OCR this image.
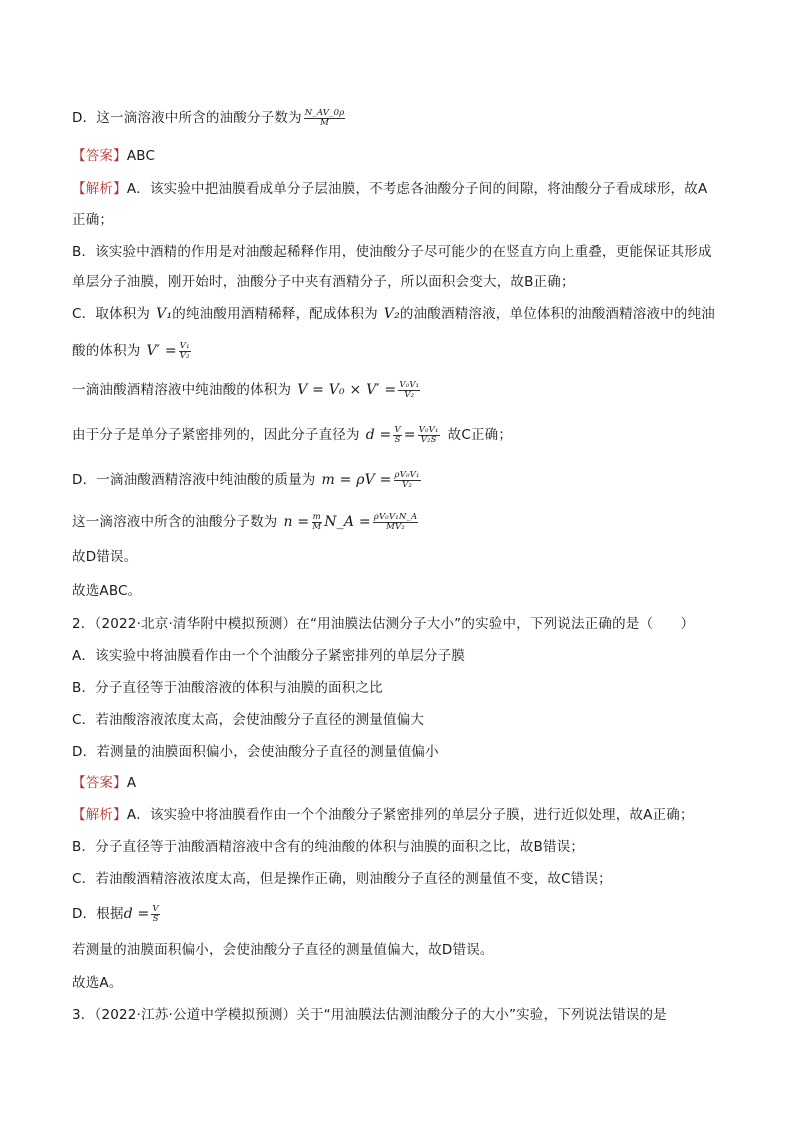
D．这一滴溶液中所含的油酸分子数为 $\frac{N\_AV\_0\rho}{M}$
【答案】ABC
【解析】A．该实验中把油膜看成单分子层油膜，不考虑各油酸分子间的间隙，将油酸分子看成球形，故A
正确；
B．该实验中酒精的作用是对油酸起稀释作用，使油酸分子尽可能少的在竖直方向上重叠，更能保证其形成
单层分子油膜，刚开始时，油酸分子中夹有酒精分子，所以面积会变大，故B正确；
C．取体积为 V₁的纯油酸用酒精稀释，配成体积为 V₂的油酸酒精溶液，单位体积的油酸酒精溶液中的纯油
酸的体积为 $V' = \frac{\text{V₁}}{\text{V₂}}$
一滴油酸酒精溶液中纯油酸的体积为 $V = V_0 \times V' = \frac{\text{V₀V₁}}{\text{V₂}}$
由于分子是单分子紧密排列的，因此分子直径为 $d = \frac{V}{S} = \frac{\text{V₀V₁}}{\text{V₂S}}$ 故C正确；
D．一滴油酸酒精溶液中纯油酸的质量为 $m = \rho V = \frac{\text{ρV₀V₁}}{\text{V₂}}$
这一滴溶液中所含的油酸分子数为 $n = \frac{m}{M}$ N_A = $\frac{\text{ρV₀V₁N\_A}}{\text{MV₂}}$
故D错误。
故选ABC。
2．（2022·北京·清华附中模拟预测）在“用油膜法估测分子大小”的实验中，下列说法正确的是（　　）
A．该实验中将油膜看作由一个个油酸分子紧密排列的单层分子膜
B．分子直径等于油酸溶液的体积与油膜的面积之比
C．若油酸溶液浓度太高，会使油酸分子直径的测量值偏大
D．若测量的油膜面积偏小，会使油酸分子直径的测量值偏小
【答案】A
【解析】A．该实验中将油膜看作由一个个油酸分子紧密排列的单层分子膜，进行近似处理，故A正确；
B．分子直径等于油酸酒精溶液中含有的纯油酸的体积与油膜的面积之比，故B错误；
C．若油酸酒精溶液浓度太高，但是操作正确，则油酸分子直径的测量值不变，故C错误；
D．根据$d = \frac{V}{S}$
若测量的油膜面积偏小，会使油酸分子直径的测量值偏大，故D错误。
故选A。
3．（2022·江苏·公道中学模拟预测）关于“用油膜法估测油酸分子的大小”实验，下列说法错误的是
